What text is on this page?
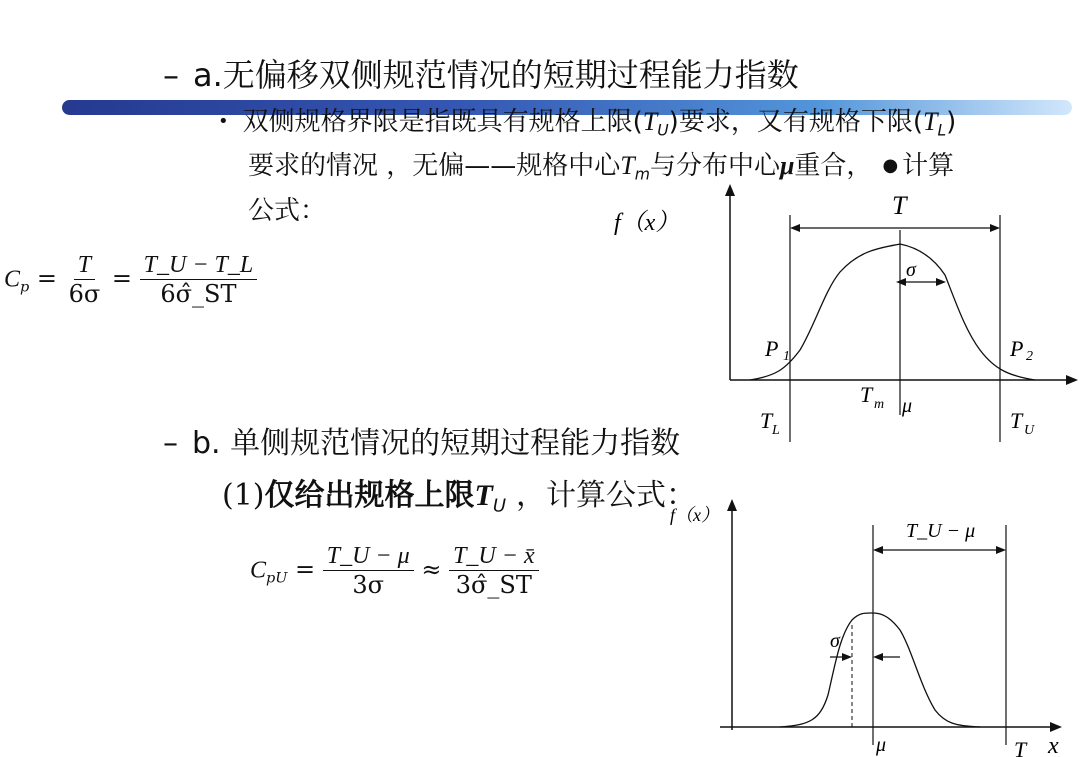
– a.无偏移双侧规范情况的短期过程能力指数
• 双侧规格界限是指既具有规格上限$(T_U)$要求，又有规格下限$(T_L)$
要求的情况 ，无偏——规格中心$T_m$与分布中心μ重合， ● 计算
公式：
$C_p = \frac{T}{6\sigma} = \frac{T\_U - T\_L}{6\sigmâ\_ST}$
f（x）
T
σ
P 1	P 2
T m μ
T L	T U
– b. 单侧规范情况的短期过程能力指数
(1)仅给出规格上限$T_U$ ，计算公式：
$C_{pU} = \frac{T\_U - \mu}{3\sigma} \approx \frac{T\_U - x̄}{3\sigmâ\_ST}$
f（x）
x
T_U − μ
σ
μ	T
